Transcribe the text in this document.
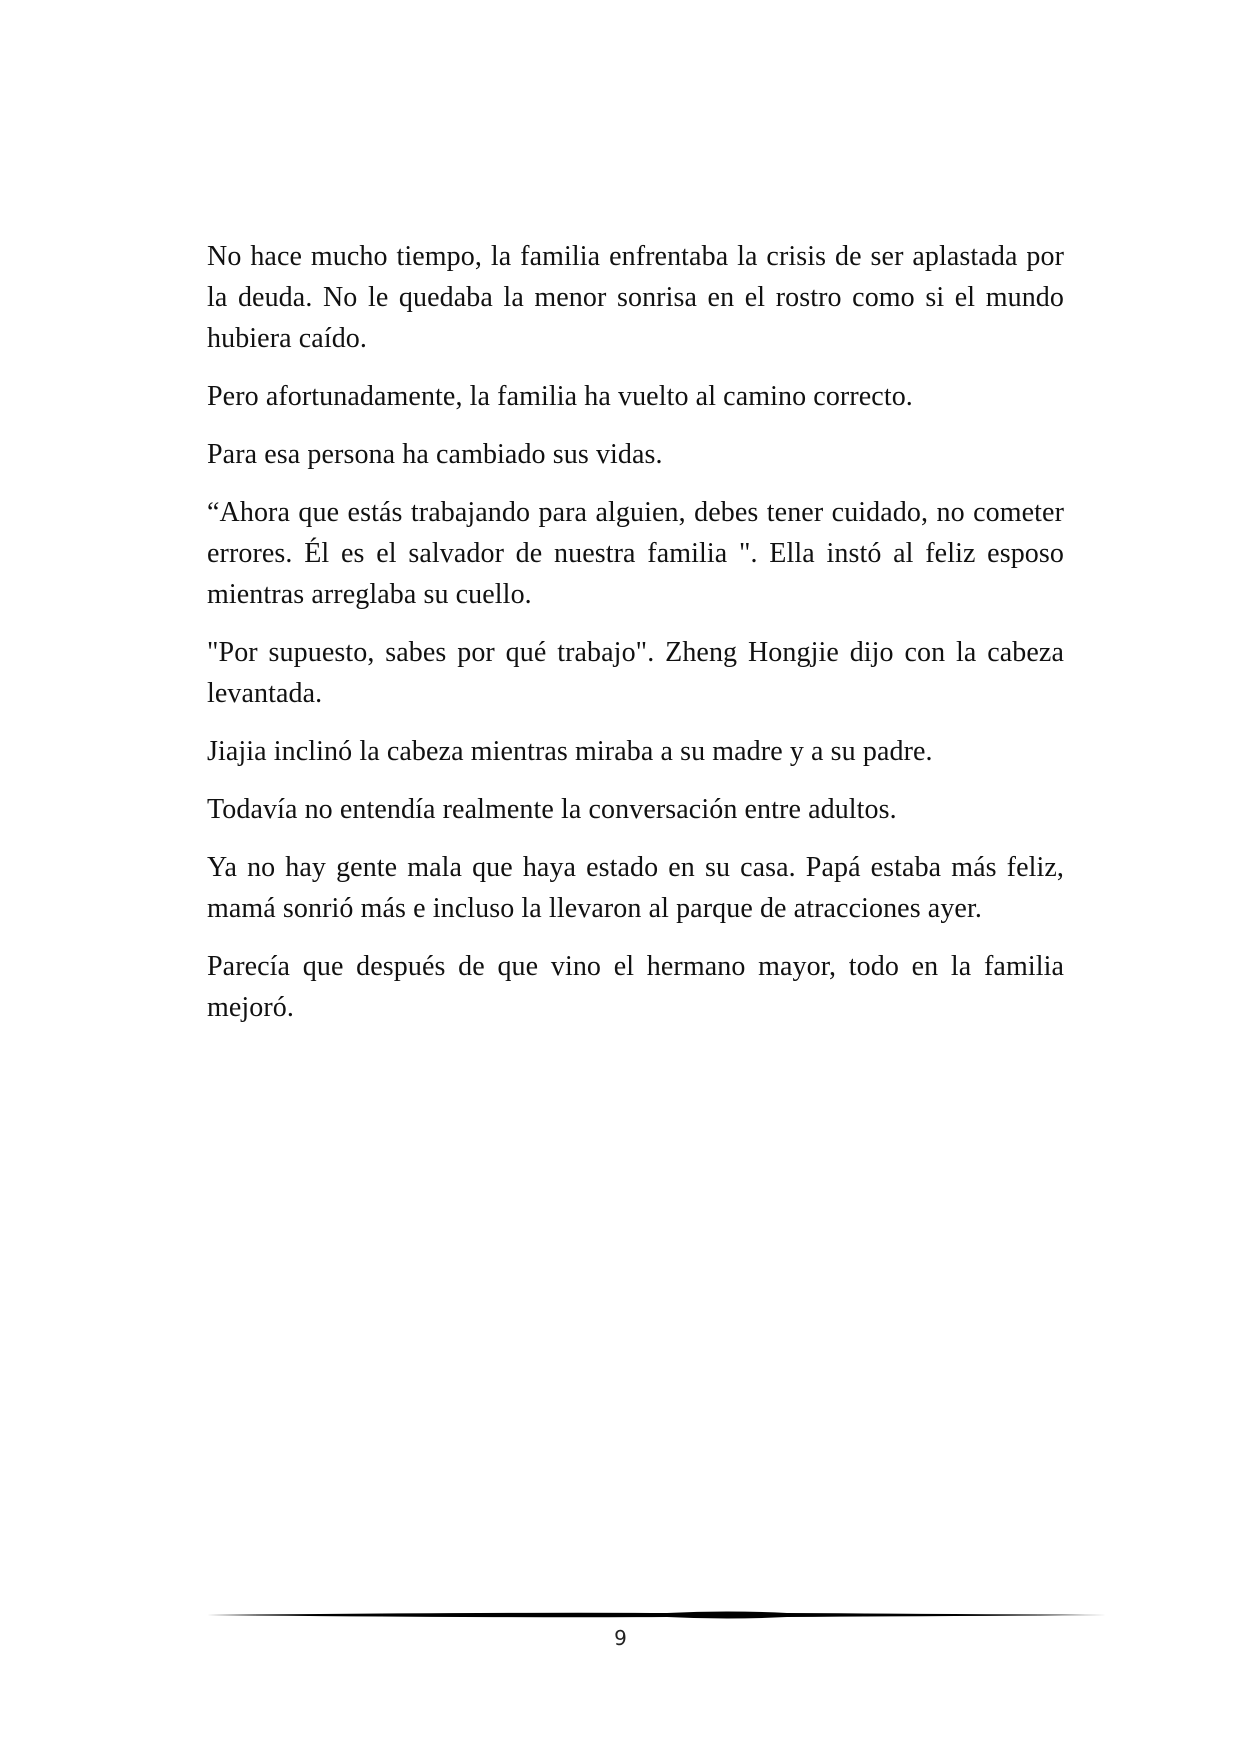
No hace mucho tiempo, la familia enfrentaba la crisis de ser aplastada por la deuda. No le quedaba la menor sonrisa en el rostro como si el mundo hubiera caído.

Pero afortunadamente, la familia ha vuelto al camino correcto.

Para esa persona ha cambiado sus vidas.

“Ahora que estás trabajando para alguien, debes tener cuidado, no cometer errores. Él es el salvador de nuestra familia ". Ella instó al feliz esposo mientras arreglaba su cuello.

"Por supuesto, sabes por qué trabajo". Zheng Hongjie dijo con la cabeza levantada.

Jiajia inclinó la cabeza mientras miraba a su madre y a su padre.

Todavía no entendía realmente la conversación entre adultos.

Ya no hay gente mala que haya estado en su casa. Papá estaba más feliz, mamá sonrió más e incluso la llevaron al parque de atracciones ayer.

Parecía que después de que vino el hermano mayor, todo en la familia mejoró.

9
